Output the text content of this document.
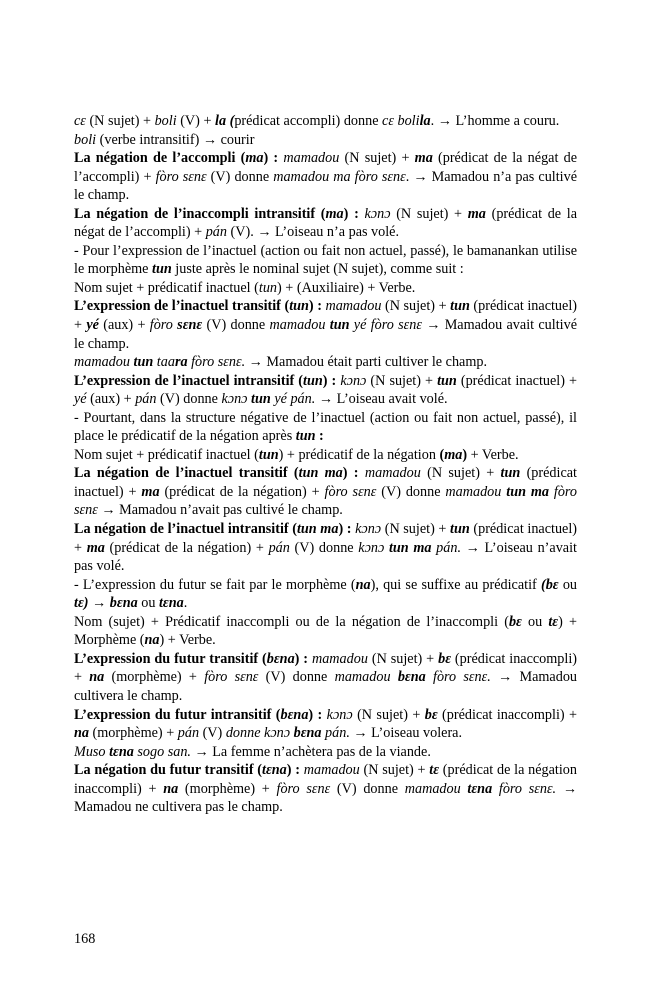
cɛ (N sujet) + boli (V) + la (prédicat accompli) donne cɛ bolila. → L’homme a couru.

boli (verbe intransitif) → courir

La négation de l’accompli (ma) : mamadou (N sujet) + ma (prédicat de la négat de l’accompli) + fòro sɛnɛ (V) donne mamadou ma fòro sɛnɛ. → Mamadou n’a pas cultivé le champ.

La négation de l’inaccompli intransitif (ma) : kɔnɔ (N sujet) + ma (prédicat de la négat de l’accompli) + pán (V). → L’oiseau n’a pas volé.

- Pour l’expression de l’inactuel (action ou fait non actuel, passé), le bamanankan utilise le morphème tun juste après le nominal sujet (N sujet), comme suit :

Nom sujet + prédicatif inactuel (tun) + (Auxiliaire) + Verbe.

L’expression de l’inactuel transitif (tun) : mamadou (N sujet) + tun (prédicat inactuel) + yé (aux) + fòro sɛnɛ (V) donne mamadou tun yé fòro sɛnɛ → Mamadou avait cultivé le champ.

mamadou tun taara fòro sɛnɛ. → Mamadou était parti cultiver le champ.

L’expression de l’inactuel intransitif (tun) : kɔnɔ (N sujet) + tun (prédicat inactuel) + yé (aux) + pán (V) donne kɔnɔ tun yé pán. → L’oiseau avait volé.

- Pourtant, dans la structure négative de l’inactuel (action ou fait non actuel, passé), il place le prédicatif de la négation après tun :

Nom sujet + prédicatif inactuel (tun) + prédicatif de la négation (ma) + Verbe.

La négation de l’inactuel transitif (tun ma) : mamadou (N sujet) + tun (prédicat inactuel) + ma (prédicat de la négation) + fòro sɛnɛ (V) donne mamadou tun ma fòro sɛnɛ → Mamadou n’avait pas cultivé le champ.

La négation de l’inactuel intransitif (tun ma) : kɔnɔ (N sujet) + tun (prédicat inactuel) + ma (prédicat de la négation) + pán (V) donne kɔnɔ tun ma pán. → L’oiseau n’avait pas volé.

- L’expression du futur se fait par le morphème (na), qui se suffixe au prédicatif (bɛ ou tɛ) → bɛna ou tɛna.

Nom (sujet) + Prédicatif inaccompli ou de la négation de l’inaccompli (bɛ ou tɛ) + Morphème (na) + Verbe.

L’expression du futur transitif (bɛna) : mamadou (N sujet) + bɛ (prédicat inaccompli) + na (morphème) + fòro sɛnɛ (V) donne mamadou bɛna fòro sɛnɛ. → Mamadou cultivera le champ.

L’expression du futur intransitif (bɛna) : kɔnɔ (N sujet) + bɛ (prédicat inaccompli) + na (morphème) + pán (V) donne kɔnɔ bɛna pán. → L’oiseau volera.

Muso tɛna sogo san. → La femme n’achètera pas de la viande.

La négation du futur transitif (tɛna) : mamadou (N sujet) + tɛ (prédicat de la négation inaccompli) + na (morphème) + fòro sɛnɛ (V) donne mamadou tɛna fòro sɛnɛ. → Mamadou ne cultivera pas le champ.

168
